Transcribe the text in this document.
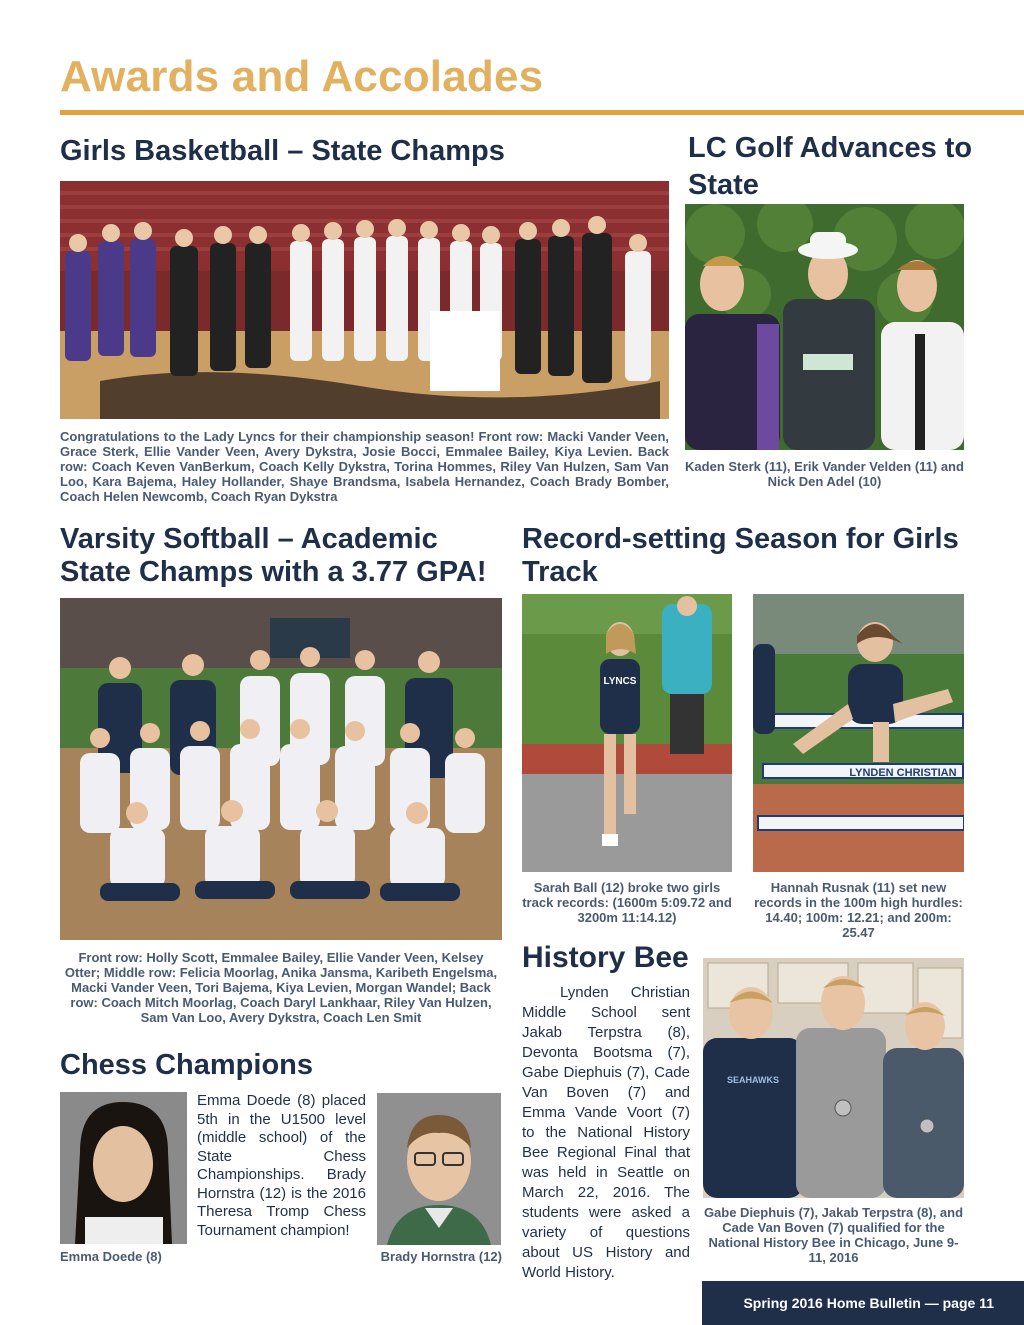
Awards and Accolades
Girls Basketball – State Champs
Congratulations to the Lady Lyncs for their championship season! Front row: Macki Vander Veen, Grace Sterk, Ellie Vander Veen, Avery Dykstra, Josie Bocci, Emmalee Bailey, Kiya Levien. Back row: Coach Keven VanBerkum, Coach Kelly Dykstra, Torina Hommes, Riley Van Hulzen, Sam Van Loo, Kara Bajema, Haley Hollander, Shaye Brandsma, Isabela Hernandez, Coach Brady Bomber, Coach Helen Newcomb, Coach Ryan Dykstra
LC Golf Advances to State
Kaden Sterk (11), Erik Vander Velden (11) and Nick Den Adel (10)
Varsity Softball – Academic State Champs with a 3.77 GPA!
Front row: Holly Scott, Emmalee Bailey, Ellie Vander Veen, Kelsey Otter; Middle row: Felicia Moorlag, Anika Jansma, Karibeth Engelsma, Macki Vander Veen, Tori Bajema, Kiya Levien, Morgan Wandel; Back row: Coach Mitch Moorlag, Coach Daryl Lankhaar, Riley Van Hulzen, Sam Van Loo, Avery Dykstra, Coach Len Smit
Chess Champions
Emma Doede (8) placed 5th in the U1500 level (middle school) of the State Chess Championships. Brady Hornstra (12) is the 2016 Theresa Tromp Chess Tournament champion!
Emma Doede (8)	Brady Hornstra (12)
Record-setting Season for Girls Track
LYNCS
LYNDEN CHRISTIAN
Sarah Ball (12) broke two girls track records: (1600m 5:09.72 and 3200m 11:14.12)
Hannah Rusnak (11) set new records in the 100m high hurdles: 14.40; 100m: 12.21; and 200m: 25.47
History Bee
Lynden Christian Middle School sent Jakab Terpstra (8), Devonta Bootsma (7), Gabe Diephuis (7), Cade Van Boven (7) and Emma Vande Voort (7) to the National History Bee Regional Final that was held in Seattle on March 22, 2016. The students were asked a variety of questions about US History and World History.
SEAHAWKS
Gabe Diephuis (7), Jakab Terpstra (8), and Cade Van Boven (7) qualified for the National History Bee in Chicago, June 9-11, 2016
Spring 2016 Home Bulletin — page 11
